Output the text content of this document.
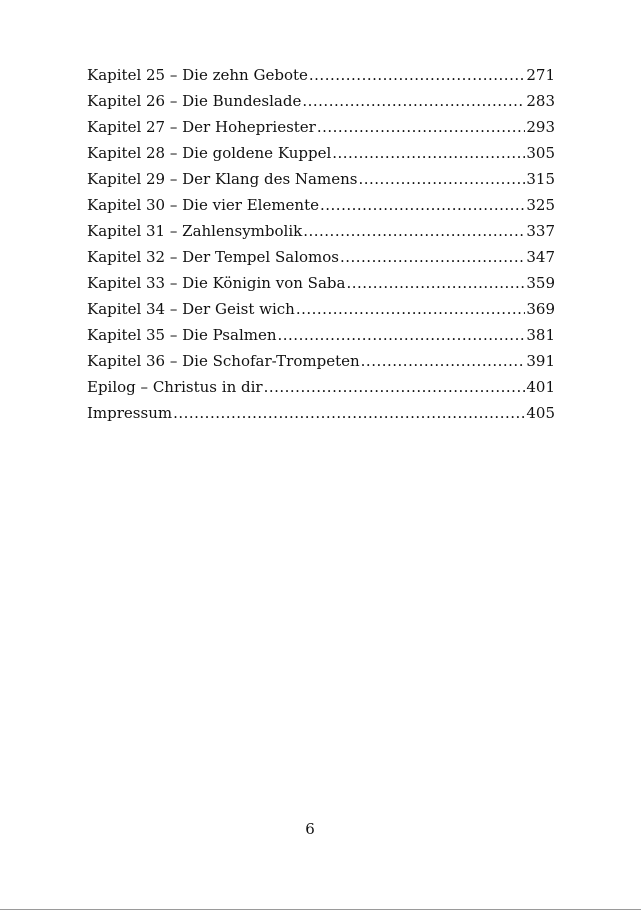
Kapitel 25 – Die zehn Gebote .....	271
Kapitel 26 – Die Bundeslade .....	283
Kapitel 27 – Der Hohepriester .....	293
Kapitel 28 – Die goldene Kuppel .....	305
Kapitel 29 – Der Klang des Namens .....	315
Kapitel 30 – Die vier Elemente .....	325
Kapitel 31 – Zahlensymbolik .....	337
Kapitel 32 – Der Tempel Salomos .....	347
Kapitel 33 – Die Königin von Saba .....	359
Kapitel 34 – Der Geist wich .....	369
Kapitel 35 – Die Psalmen .....	381
Kapitel 36 – Die Schofar-Trompeten .....	391
Epilog – Christus in dir .....	401
Impressum .....	405
6
